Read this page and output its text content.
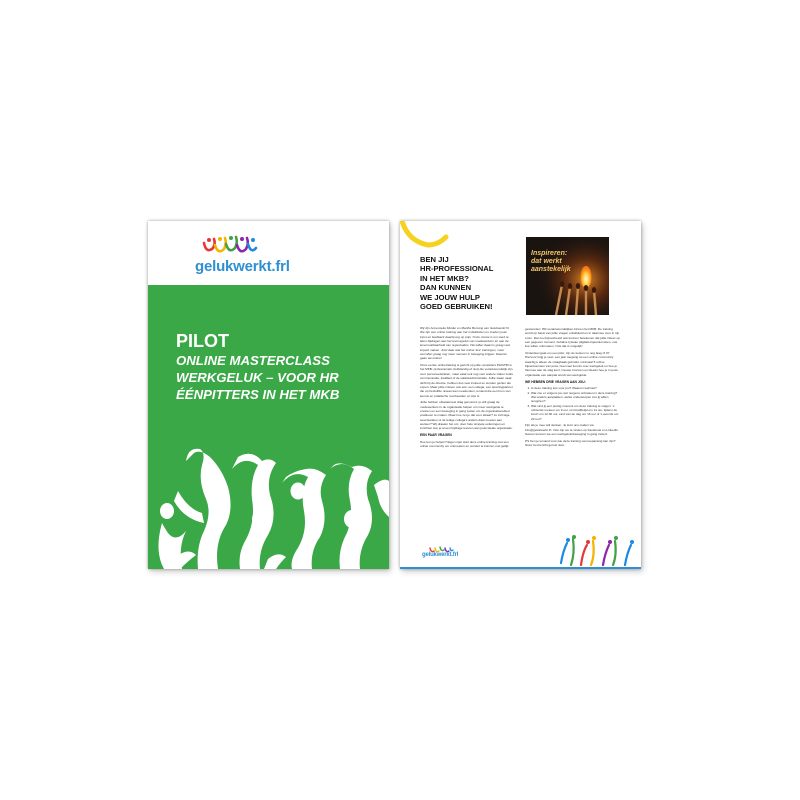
gelukwerkt.frl
PILOT
ONLINE MASTERCLASS
WERKGELUK – VOOR HR
ÉÉNPITTERS IN HET MKB
BEN JIJ
HR-PROFESSIONAL
IN HET MKB?
DAN KUNNEN
WE JOUW HULP
GOED GEBRUIKEN!
Inspireren:
dat werkt
aanstekelijk

Wij zijn Annemieke Mulder en Martha Bunsing van Gelukwerkt.frl. We zijn een online training aan het ontwikkelen en zoeken jouw input en feedback daarbij erg op prijs. Onze missie is om werk te laten bijdragen aan het levensgeluk van medewerkers én aan de levensvatbaarheid van organisaties. We willen daarom graag veel impact maken. Juist daar wat het online 'live' trainingen, meer vervullen graag nog meer mensen in beweging krijgen. Daarom gaan we online!

Onze eerste onlinetraining is gericht op jullie: éénpitters P&O/HR in het MKB: professionals (zelfstandig of niet) die verantwoordelijk zijn voor personeelszaken, maar vaak ook nog voor andere zaken zoals communicatie, kwaliteit of de salarisadministratie. Jullie staan vaak dicht bij de directie, hebben dus veel invloed en worden gezien als expert. Maar jullie missen ook iets: een collega, een sparringpartner die op hetzelfde niveau kan meedenken, iemand die een bron van kennis en praktische voorbeelden en tips is.

Jullie hebben ofwelaal iets drag genoemd: je wilt graag de medewerkers in de organisatie helpen om meer werkgeluk te ervaren en een beweging in gang zetten om de organisatiecultuur positiever te maken. Maar hoe zet je dat voor elkaar? Je zult lage weerstanden of de ledige collega's anders daar moeten aan werken? Wij draaien het om: door hele simpele oefeningen en inzichten kun je al een bijdrage leveren aan jouw ideale organisatie.

EEN PAAR VRAGEN

Hoe kun je helpen? Eigen spel start deze online-training mét een online community om ontmoeten en contact te kunnen met gelijk-

gestemden: HR-verantwoordelijken binnen het MKB. De training wordt op basis van jullie vragen ontwikkeld en in daarmee zeer in rijn erom. Dat zou bijvoorbeeld ook kunnen betekenen dat jullie inkoer op een gegeven moment, behalve fysieke (digitale bijeenkomsten, ook live willen ontmoeten. Ook dat is mogelijk!

Onderdeel gaat om een pilot, zijn de kosten nu nog laag: € 97. Hiervoor krijg je veel- een jaar toegang tot een online community waarbij je alleen de vraagbaak gebruikt, minimaal 5 online bijeenkomsten van jouw, heel veel kennis over werkgeluk en hoe je hiermee aan de slag kunt, nieuwe bronnen en ideeën hoe je in jouw organisatie een aanpak wordt van werkgeluk.

WE HEBBEN DRIE VRAGEN AAN JOU:

1. Is deze training iets voor jou? Waarom wel/niet?
2. Wat zou er volgens jou wel nergens onbreken in deze training? Wel anders aanpakken, welke onderwerpen zou jij willen terugzien?
3. Wat vind jij een prettig moment om deze training te volgen: 's ochtends meteen om 9 uur, rond koffietijd om 11 uur, tijdens de lunch om 12:30 uur, eind van de dag om 16 uur of 's avonds om 20 uur?

Fijn als je mee wilt denken. Je kunt ons mailen via info@gelukwerkt.frl. Ook zijn we te vinden op Facebook en LinkedIn. Samen kunnen we een werkgeluksbeweging in gang zetten!

PS Ken je iemand voor wie deze training van toepassing kan zijn? Stuur het bericht gerust door.

gelukwerkt.frl
